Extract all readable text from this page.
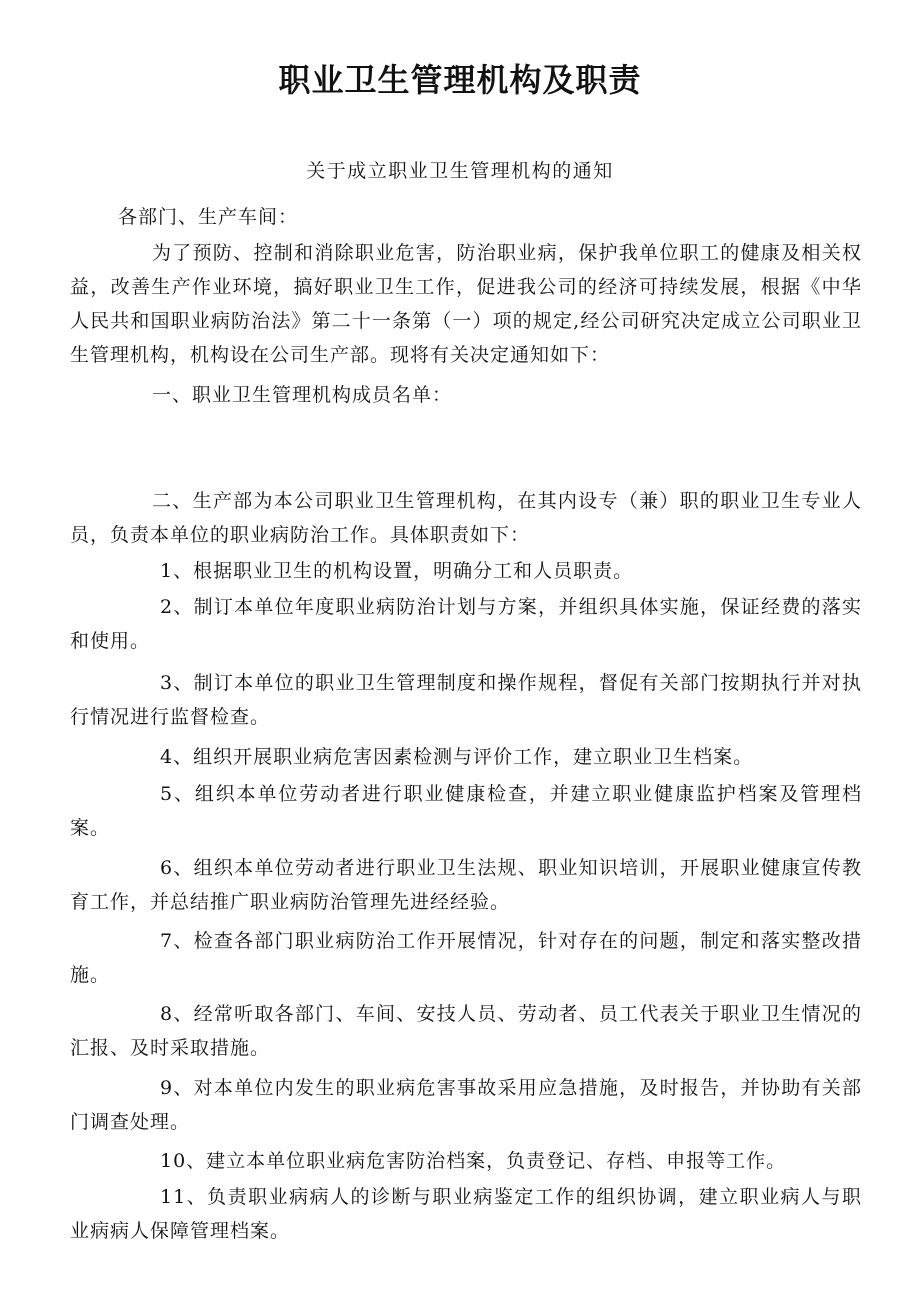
职业卫生管理机构及职责
关于成立职业卫生管理机构的通知

各部门、生产车间：

为了预防、控制和消除职业危害，防治职业病，保护我单位职工的健康及相关权益，改善生产作业环境，搞好职业卫生工作，促进我公司的经济可持续发展，根据《中华人民共和国职业病防治法》第二十一条第（一）项的规定,经公司研究决定成立公司职业卫生管理机构，机构设在公司生产部。现将有关决定通知如下：

一、职业卫生管理机构成员名单：

二、生产部为本公司职业卫生管理机构，在其内设专（兼）职的职业卫生专业人员，负责本单位的职业病防治工作。具体职责如下：

1、根据职业卫生的机构设置，明确分工和人员职责。

2、制订本单位年度职业病防治计划与方案，并组织具体实施，保证经费的落实和使用。

3、制订本单位的职业卫生管理制度和操作规程，督促有关部门按期执行并对执行情况进行监督检查。

4、组织开展职业病危害因素检测与评价工作，建立职业卫生档案。

5、组织本单位劳动者进行职业健康检查，并建立职业健康监护档案及管理档案。

6、组织本单位劳动者进行职业卫生法规、职业知识培训，开展职业健康宣传教育工作，并总结推广职业病防治管理先进经经验。

7、检查各部门职业病防治工作开展情况，针对存在的问题，制定和落实整改措施。

8、经常听取各部门、车间、安技人员、劳动者、员工代表关于职业卫生情况的汇报、及时采取措施。

9、对本单位内发生的职业病危害事故采用应急措施，及时报告，并协助有关部门调查处理。

10、建立本单位职业病危害防治档案，负责登记、存档、申报等工作。

11、负责职业病病人的诊断与职业病鉴定工作的组织协调，建立职业病人与职业病病人保障管理档案。
